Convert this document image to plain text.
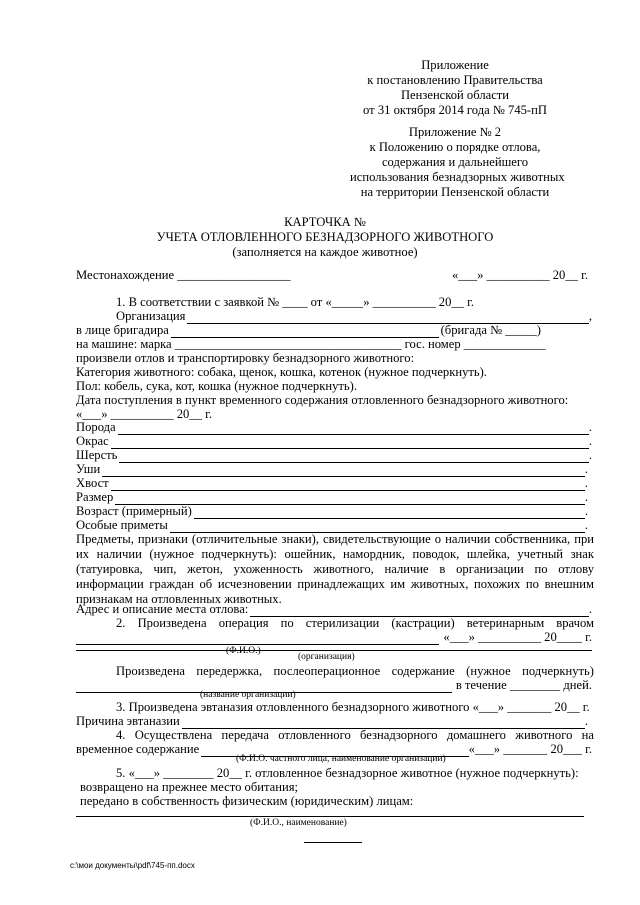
Приложение
к постановлению Правительства
Пензенской области
от 31 октября 2014 года № 745-пП
Приложение № 2
к Положению о порядке отлова,
содержания и дальнейшего
использования безнадзорных животных
на территории Пензенской области
КАРТОЧКА №
УЧЕТА ОТЛОВЛЕННОГО БЕЗНАДЗОРНОГО ЖИВОТНОГО
(заполняется на каждое животное)
Местонахождение __________________	«___» __________ 20__ г.
1. В соответствии с заявкой № ____ от «_____» __________ 20__ г.
Организация	,
в лице бригадира	(бригада № _____)
на машине: марка ____________________________________ гос. номер _____________
произвели отлов и транспортировку безнадзорного животного:
Категория животного: собака, щенок, кошка, котенок (нужное подчеркнуть).
Пол: кобель, сука, кот, кошка (нужное подчеркнуть).
Дата поступления в пункт временного содержания отловленного безнадзорного животного:
«___» __________ 20__ г.
Порода	.
Окрас	.
Шерсть	.
Уши	.
Хвост	.
Размер	.
Возраст (примерный)	.
Особые приметы	.
Предметы, признаки (отличительные знаки), свидетельствующие о наличии собственника, при их наличии (нужное подчеркнуть): ошейник, намордник, поводок, шлейка, учетный знак (татуировка, чип, жетон, ухоженность животного, наличие в организации по отлову информации граждан об исчезновении принадлежащих им животных, похожих по внешним признакам на отловленных животных.
Адрес и описание места отлова:	.
2. Произведена операция по стерилизации (кастрации) ветеринарным врачом
«___» __________ 20____ г.
(Ф.И.О.)
(организация)
Произведена передержка, послеоперационное содержание (нужное подчеркнуть)
в течение ________ дней.
(название организации)
3. Произведена эвтаназия отловленного безнадзорного животного «___» _______ 20__ г.
Причина эвтаназии	.
4. Осуществлена передача отловленного безнадзорного домашнего животного на
временное содержание	«___» _______ 20___ г.
(Ф.И.О. частного лица, наименование организации)
5. «___» ________ 20__ г. отловленное безнадзорное животное (нужное подчеркнуть):
возвращено на прежнее место обитания;
передано в собственность физическим (юридическим) лицам:
(Ф.И.О., наименование)
c:\мои документы\pdf\745-пп.docx
